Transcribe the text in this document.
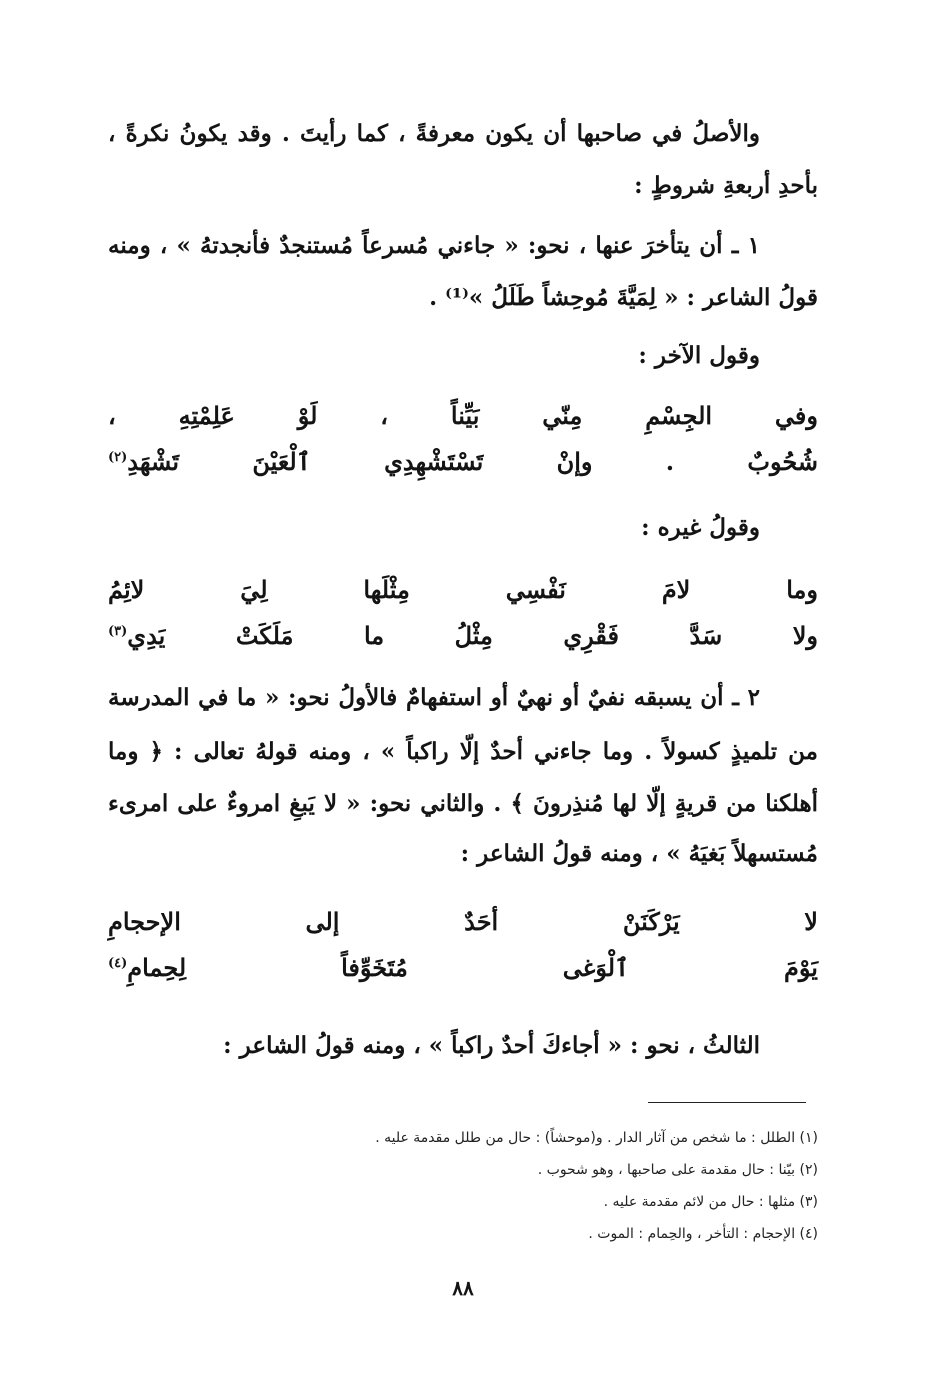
والأصلُ في صاحبها أن يكون معرفةً ، كما رأيتَ . وقد يكونُ نكرةً ،
بأحدِ أربعةِ شروطٍ :
١ ـ أن يتأخرَ عنها ، نحو: « جاءني مُسرعاً مُستنجدٌ فأنجدتهُ » ، ومنه
قولُ الشاعر : « لِمَيَّةَ مُوحِشاً طَلَلُ »⁽¹⁾ .
وقول الآخر :
وفي الجِسْمِ مِنّي بَيِّناً ، لَوْ عَلِمْتِهِ ،
شُحُوبٌ . وإنْ تَسْتَشْهِدِي ٱلْعَيْنَ تَشْهَدِ$^{(٢)}$
وقولُ غيره :
وما لامَ نَفْسِي مِثْلَها لِيَ لائِمُ
ولا سَدَّ فَقْرِي مِثْلُ ما مَلَكَتْ يَدِي$^{(٣)}$
٢ ـ أن يسبقه نفيٌ أو نهيٌ أو استفهامٌ فالأولُ نحو: « ما في المدرسة
من تلميذٍ كسولاً . وما جاءني أحدٌ إلّا راكباً » ، ومنه قولهُ تعالى : ﴿ وما
أهلكنا من قريةٍ إلّا لها مُنذِرونَ ﴾ . والثاني نحو: « لا يَبغِ امروءٌ على امرىء
مُستسهلاً بَغيَهُ » ، ومنه قولُ الشاعر :
لا يَرْكَنَنْ أحَدٌ إلى الإحجامِ
يَوْمَ ٱلْوَغى مُتَخَوِّفاً لِحِمامِ$^{(٤)}$
الثالثُ ، نحو : « أجاءكَ أحدٌ راكباً » ، ومنه قولُ الشاعر :
(١) الطلل : ما شخص من آثار الدار . و(موحشاً) : حال من طلل مقدمة عليه .
(٢) بيّنا : حال مقدمة على صاحبها ، وهو شحوب .
(٣) مثلها : حال من لائم مقدمة عليه .
(٤) الإحجام : التأخر ، والحِمام : الموت .
٨٨
